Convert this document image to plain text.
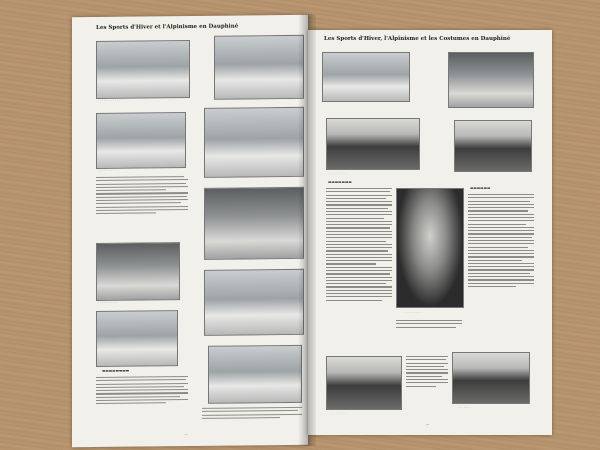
Les Sports d'Hiver et l'Alpinisme en Dauphiné
· · · · · · · · · · · ·
· · · · · · · ·
· · · · · · · · · · ·
▬▬▬▬▬▬▬▬
—
Les Sports d'Hiver, l'Alpinisme et les Costumes en Dauphiné
· · · · · · · · · · ·
▬▬▬▬▬▬▬
· · · · · · · · · ·
▬▬▬▬▬▬
· · · · · · · · ·
· · · · · · ·
—
